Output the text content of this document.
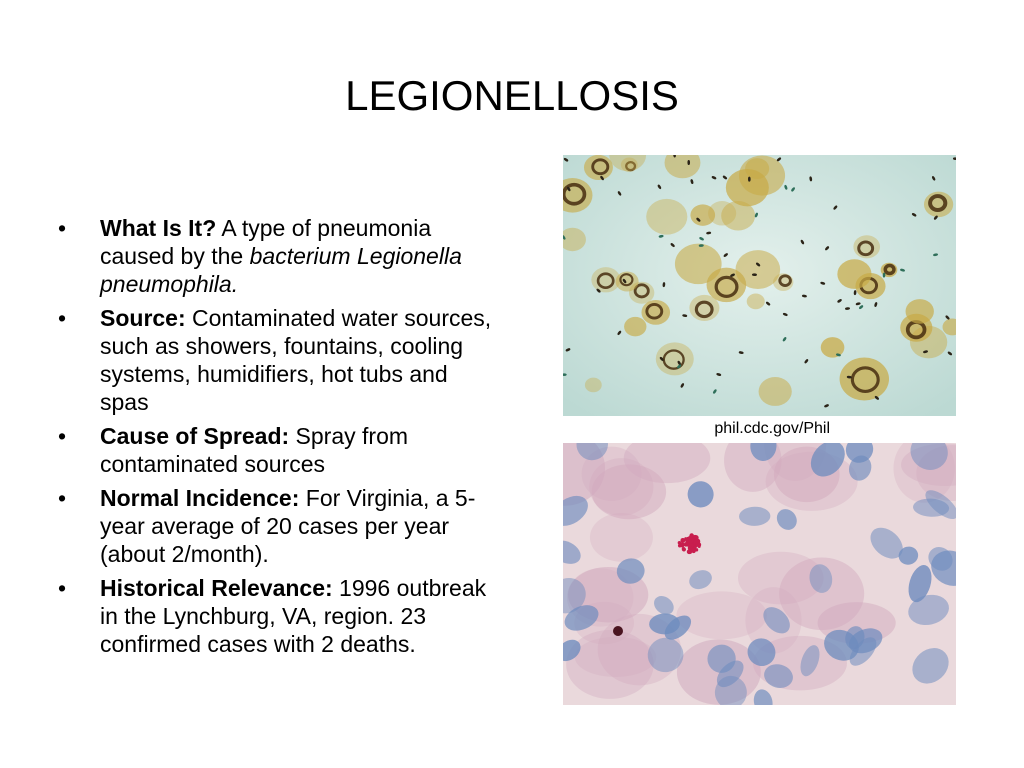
LEGIONELLOSIS
•	What Is It? A type of pneumonia caused by the bacterium Legionella pneumophila.
•	Source: Contaminated water sources, such as showers, fountains, cooling systems, humidifiers, hot tubs and spas
•	Cause of Spread: Spray from contaminated sources
•	Normal Incidence: For Virginia, a 5-year average of 20 cases per year (about 2/month).
•	Historical Relevance: 1996 outbreak in the Lynchburg, VA, region. 23 confirmed cases with 2 deaths.
phil.cdc.gov/Phil
